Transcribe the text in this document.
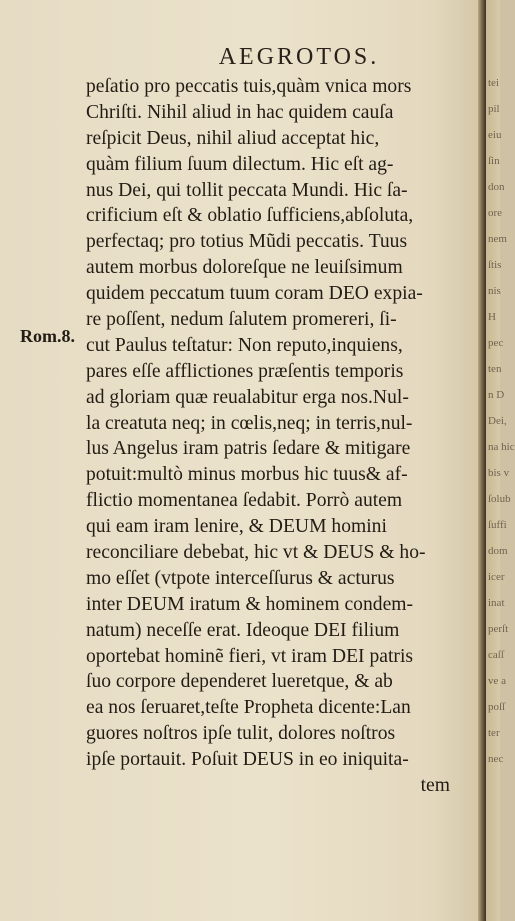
AEGROTOS.
Rom.8.
peſatio pro peccatis tuis,quàm vnica mors
Chriſti. Nihil aliud in hac quidem cauſa
reſpicit Deus, nihil aliud acceptat hic,
quàm filium ſuum dilectum. Hic eſt ag-
nus Dei, qui tollit peccata Mundi. Hic ſa-
crificium eſt & oblatio ſufficiens,abſoluta,
perfectaq; pro totius Mũdi peccatis. Tuus
autem morbus doloreſque ne leuiſsimum
quidem peccatum tuum coram DEO expia-
re poſſent, nedum ſalutem promereri, ſi-
cut Paulus teſtatur: Non reputo,inquiens,
pares eſſe afflictiones præſentis temporis
ad gloriam quæ reualabitur erga nos.Nul-
la creatuta neq; in cœlis,neq; in terris,nul-
lus Angelus iram patris ſedare & mitigare
potuit:multò minus morbus hic tuus& af-
flictio momentanea ſedabit. Porrò autem
qui eam iram lenire, & DEUM homini
reconciliare debebat, hic vt & DEUS & ho-
mo eſſet (vtpote interceſſurus & acturus
inter DEUM iratum & hominem condem-
natum) neceſſe erat. Ideoque DEI filium
oportebat hominẽ fieri, vt iram DEI patris
ſuo corpore dependeret lueretque, & ab
ea nos ſeruaret,teſte Propheta dicente:Lan
guores noſtros ipſe tulit, dolores noſtros
ipſe portauit. Poſuit DEUS in eo iniquita-
tem
tei
pil
eiu
ſin
don
ore
nem
ſtis
nis
H
pec
ten
n D
Dei,
na hic
bis v
ſolub
ſuffi
dom
icer
inat
perſt
caſſ
ve a
poſſ
ter
nec
